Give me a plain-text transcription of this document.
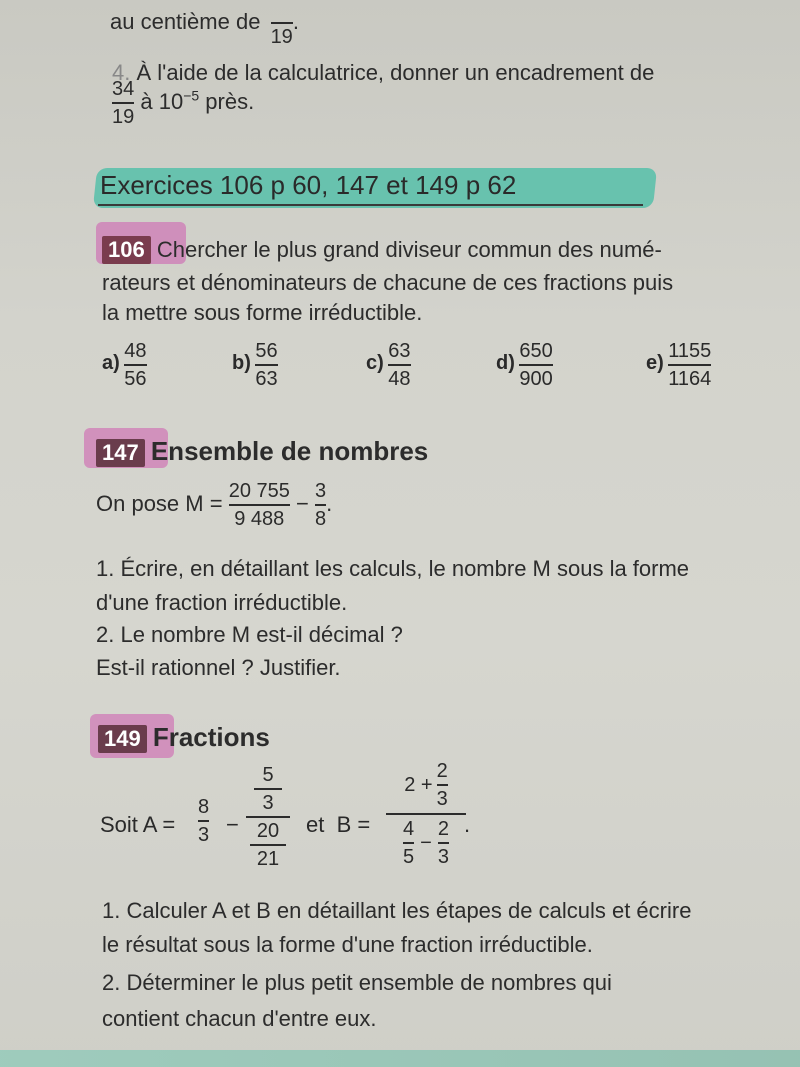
au centième de
19
.
4. À l'aide de la calculatrice, donner un encadrement de
$\frac{34}{19}$ à $10^{-5}$ près.
Exercices 106 p 60, 147 et 149 p 62
106 Chercher le plus grand diviseur commun des numé-
rateurs et dénominateurs de chacune de ces fractions puis
la mettre sous forme irréductible.
$a) \frac{48}{56}$	$b) \frac{56}{63}$	$c) \frac{63}{48}$	$d) \frac{650}{900}$	$e) \frac{1155}{1164}$
147 Ensemble de nombres
On pose $M = \frac{20 755}{9 488} - \frac{3}{8}$ .
1. Écrire, en détaillant les calculs, le nombre M sous la forme
d'une fraction irréductible.
2. Le nombre M est-il décimal ?
Est-il rationnel ? Justifier.
149 Fractions
Soit $A = \frac{8}{3}$ −
5
3
20
21
et  B =
$2 + \frac{2}{3}$
$\frac{4}{5} - \frac{2}{3}$ .
1. Calculer A et B en détaillant les étapes de calculs et écrire
le résultat sous la forme d'une fraction irréductible.
2. Déterminer le plus petit ensemble de nombres qui
contient chacun d'entre eux.
